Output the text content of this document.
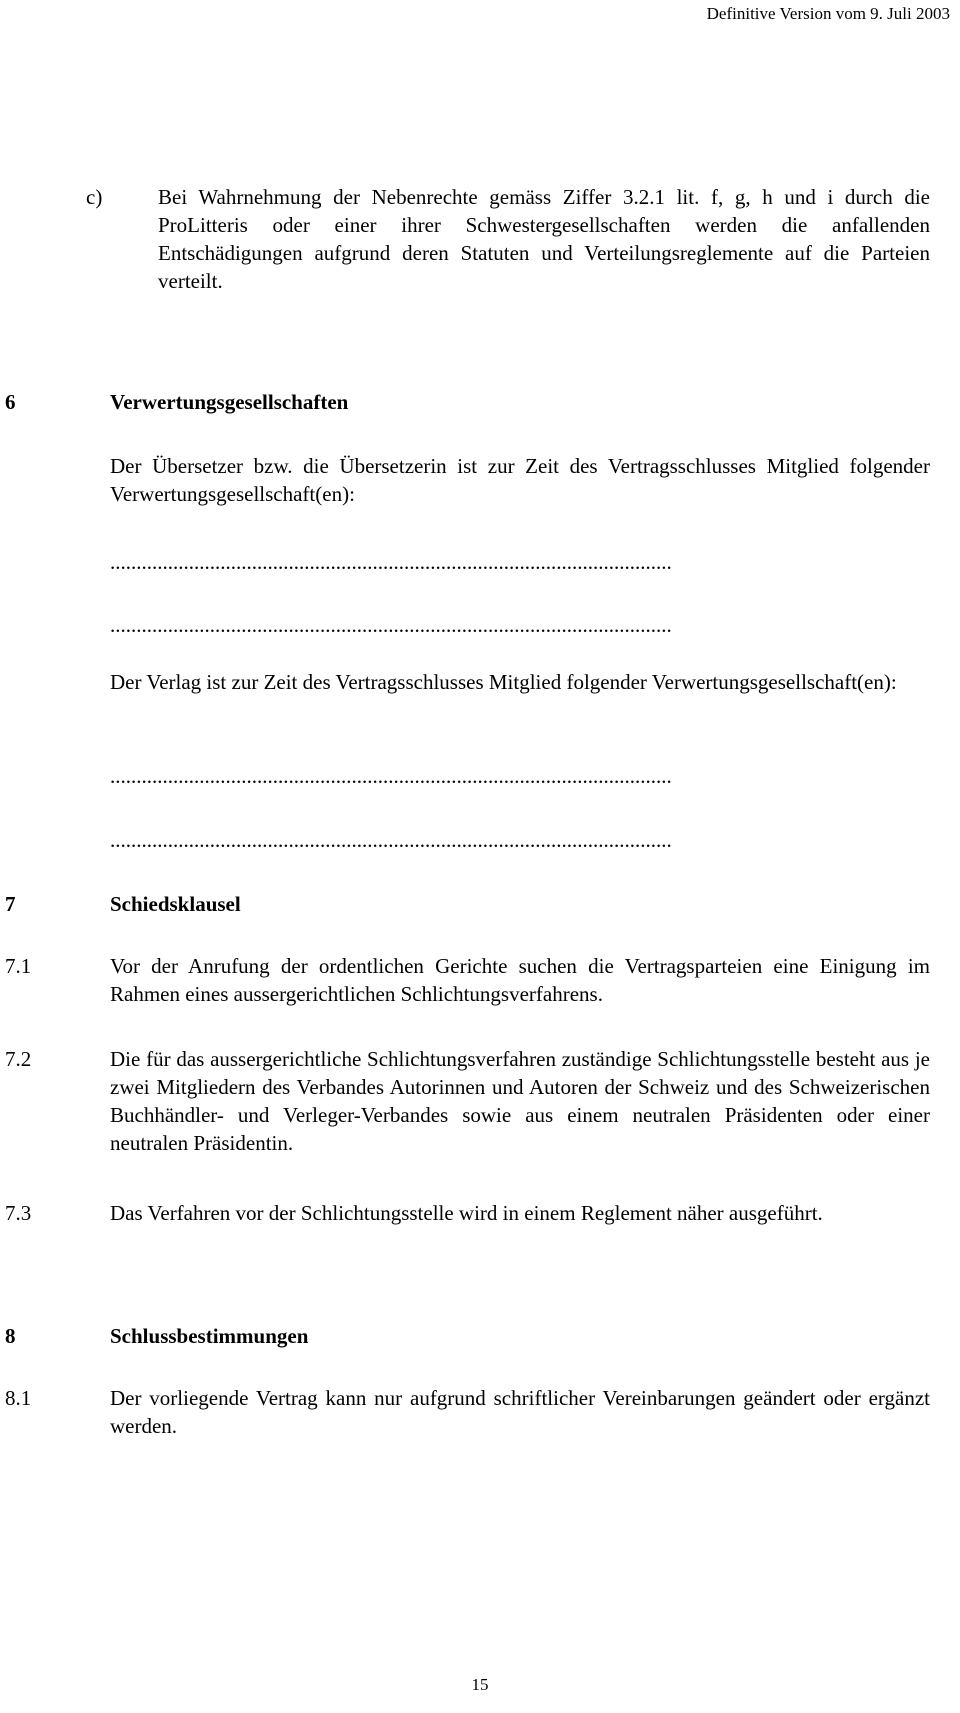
Definitive Version vom 9. Juli 2003
c)	Bei Wahrnehmung der Nebenrechte gemäss Ziffer 3.2.1 lit. f, g, h und i durch die ProLitteris oder einer ihrer Schwestergesellschaften werden die anfallenden Entschädigungen aufgrund deren Statuten und Verteilungsreglemente auf die Parteien verteilt.
6	Verwertungsgesellschaften
Der Übersetzer bzw. die Übersetzerin ist zur Zeit des Vertragsschlusses Mitglied folgender Verwertungsgesellschaft(en):
...........................................................................................................
...........................................................................................................
Der Verlag ist zur Zeit des Vertragsschlusses Mitglied folgender Verwertungsgesellschaft(en):
...........................................................................................................
...........................................................................................................
7	Schiedsklausel
7.1	Vor der Anrufung der ordentlichen Gerichte suchen die Vertragsparteien eine Einigung im Rahmen eines aussergerichtlichen Schlichtungsverfahrens.
7.2	Die für das aussergerichtliche Schlichtungsverfahren zuständige Schlichtungsstelle besteht aus je zwei Mitgliedern des Verbandes Autorinnen und Autoren der Schweiz und des Schweizerischen Buchhändler- und Verleger-Verbandes sowie aus einem neutralen Präsidenten oder einer neutralen Präsidentin.
7.3	Das Verfahren vor der Schlichtungsstelle wird in einem Reglement näher ausgeführt.
8	Schlussbestimmungen
8.1	Der vorliegende Vertrag kann nur aufgrund schriftlicher Vereinbarungen geändert oder ergänzt werden.
15
